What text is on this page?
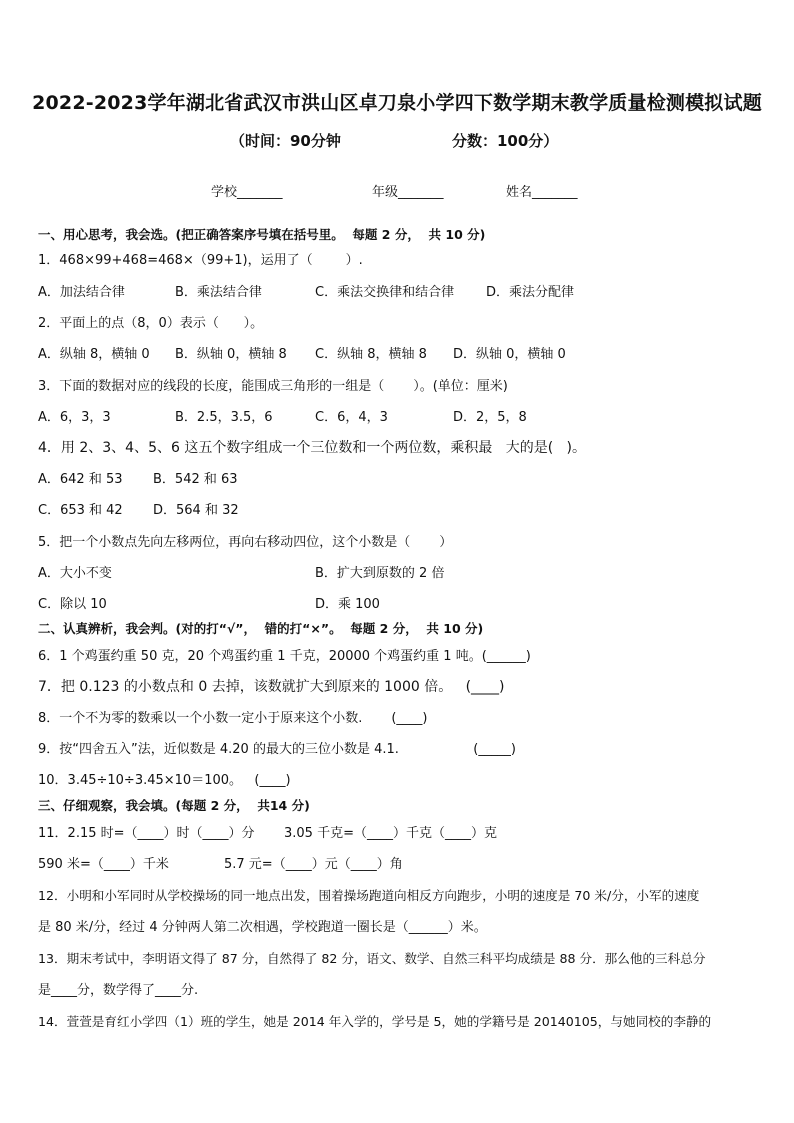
2022-2023学年湖北省武汉市洪山区卓刀泉小学四下数学期末教学质量检测模拟试题
（时间：90分钟	分数：100分）
学校_______	年级_______	姓名_______
一、用心思考，我会选。(把正确答案序号填在括号里。  每题 2 分，  共 10 分)
1．468×99+468=468×（99+1)，运用了（        ）.
A．加法结合律	B．乘法结合律	C．乘法交换律和结合律 D．乘法分配律
2．平面上的点（8，0）表示（      ）。
A．纵轴 8，横轴 0 B．纵轴 0，横轴 8 C．纵轴 8，横轴 8 D．纵轴 0，横轴 0
3．下面的数据对应的线段的长度，能围成三角形的一组是（       ）。(单位：厘米)
A．6，3，3	B．2.5，3.5，6	C．6，4，3	D．2，5，8
4．用 2、3、4、5、6 这五个数字组成一个三位数和一个两位数，乘积最   大的是(   )。
A．642 和 53 B．542 和 63
C．653 和 42 D．564 和 32
5．把一个小数点先向左移两位，再向右移动四位，这个小数是（       ）
A．大小不变	B．扩大到原数的 2 倍
C．除以 10	D．乘 100
二、认真辨析，我会判。(对的打“√”，  错的打“×”。  每题 2 分，  共 10 分)
6．1 个鸡蛋约重 50 克，20 个鸡蛋约重 1 千克，20000 个鸡蛋约重 1 吨。(______)
7．把 0.123 的小数点和 0 去掉，该数就扩大到原来的 1000 倍。   (____)
8．一个不为零的数乘以一个小数一定小于原来这个小数.       (____)
9．按“四舍五入”法，近似数是 4.20 的最大的三位小数是 4.1.                  (_____)
10．3.45÷10÷3.45×10＝100。   (____)
三、仔细观察，我会填。(每题 2 分，  共14 分)
11．2.15 时=（____）时（____）分 3.05 千克=（____）千克（____）克
590 米=（____）千米	5.7 元=（____）元（____）角
12．小明和小军同时从学校操场的同一地点出发，围着操场跑道向相反方向跑步，小明的速度是 70 米/分，小军的速度
是 80 米/分，经过 4 分钟两人第二次相遇，学校跑道一圈长是（______）米。
13．期末考试中，李明语文得了 87 分，自然得了 82 分，语文、数学、自然三科平均成绩是 88 分．那么他的三科总分
是____分，数学得了____分.
14．萱萱是育红小学四（1）班的学生，她是 2014 年入学的，学号是 5，她的学籍号是 20140105，与她同校的李静的
